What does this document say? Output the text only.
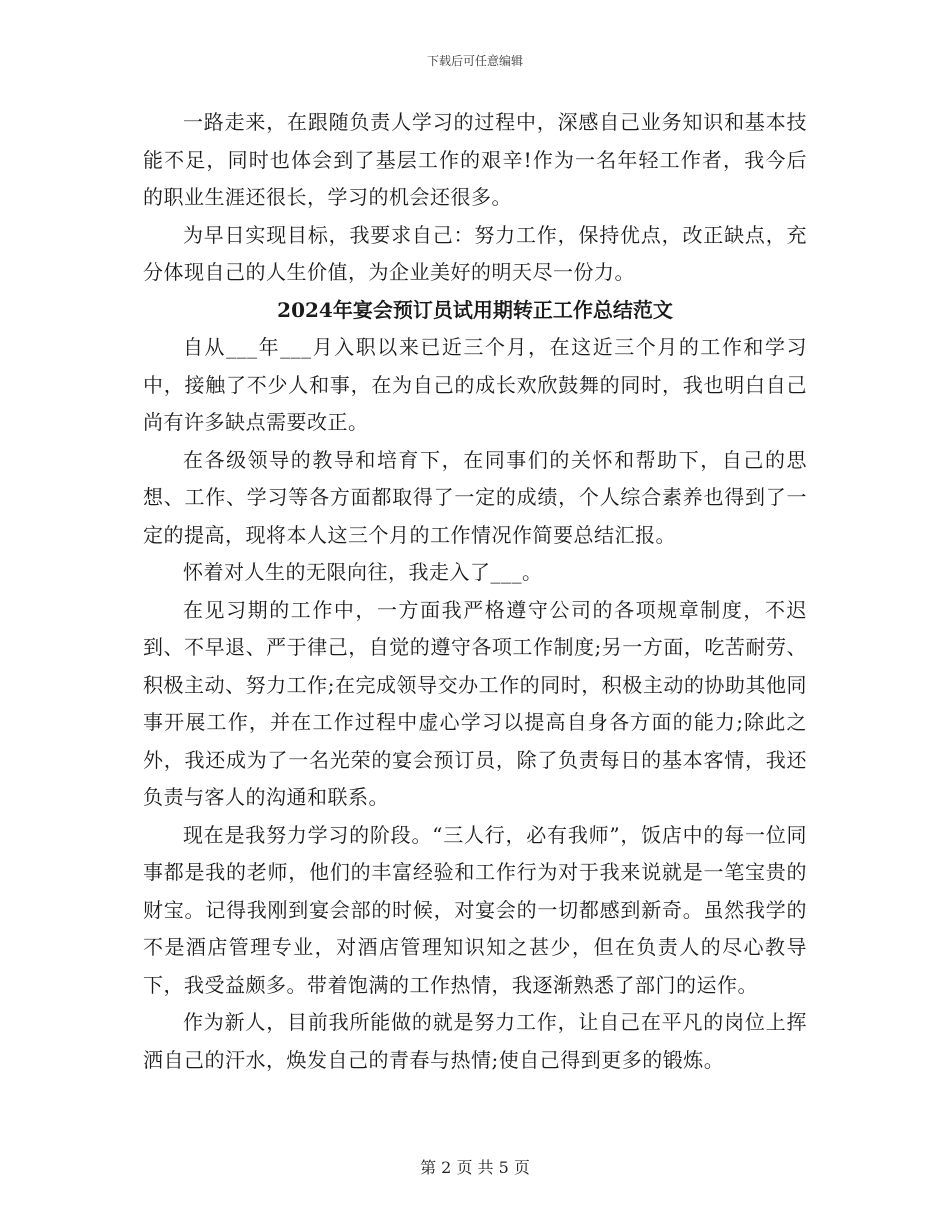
下载后可任意编辑

一路走来，在跟随负责人学习的过程中，深感自己业务知识和基本技能不足，同时也体会到了基层工作的艰辛!作为一名年轻工作者，我今后的职业生涯还很长，学习的机会还很多。

为早日实现目标，我要求自己：努力工作，保持优点，改正缺点，充分体现自己的人生价值，为企业美好的明天尽一份力。

2024年宴会预订员试用期转正工作总结范文

自从___年___月入职以来已近三个月，在这近三个月的工作和学习中，接触了不少人和事，在为自己的成长欢欣鼓舞的同时，我也明白自己尚有许多缺点需要改正。

在各级领导的教导和培育下，在同事们的关怀和帮助下，自己的思想、工作、学习等各方面都取得了一定的成绩，个人综合素养也得到了一定的提高，现将本人这三个月的工作情况作简要总结汇报。

怀着对人生的无限向往，我走入了___。

在见习期的工作中，一方面我严格遵守公司的各项规章制度，不迟到、不早退、严于律己，自觉的遵守各项工作制度;另一方面，吃苦耐劳、积极主动、努力工作;在完成领导交办工作的同时，积极主动的协助其他同事开展工作，并在工作过程中虚心学习以提高自身各方面的能力;除此之外，我还成为了一名光荣的宴会预订员，除了负责每日的基本客情，我还负责与客人的沟通和联系。

现在是我努力学习的阶段。“三人行，必有我师”，饭店中的每一位同事都是我的老师，他们的丰富经验和工作行为对于我来说就是一笔宝贵的财宝。记得我刚到宴会部的时候，对宴会的一切都感到新奇。虽然我学的不是酒店管理专业，对酒店管理知识知之甚少，但在负责人的尽心教导下，我受益颇多。带着饱满的工作热情，我逐渐熟悉了部门的运作。

作为新人，目前我所能做的就是努力工作，让自己在平凡的岗位上挥洒自己的汗水，焕发自己的青春与热情;使自己得到更多的锻炼。

第 2 页 共 5 页
